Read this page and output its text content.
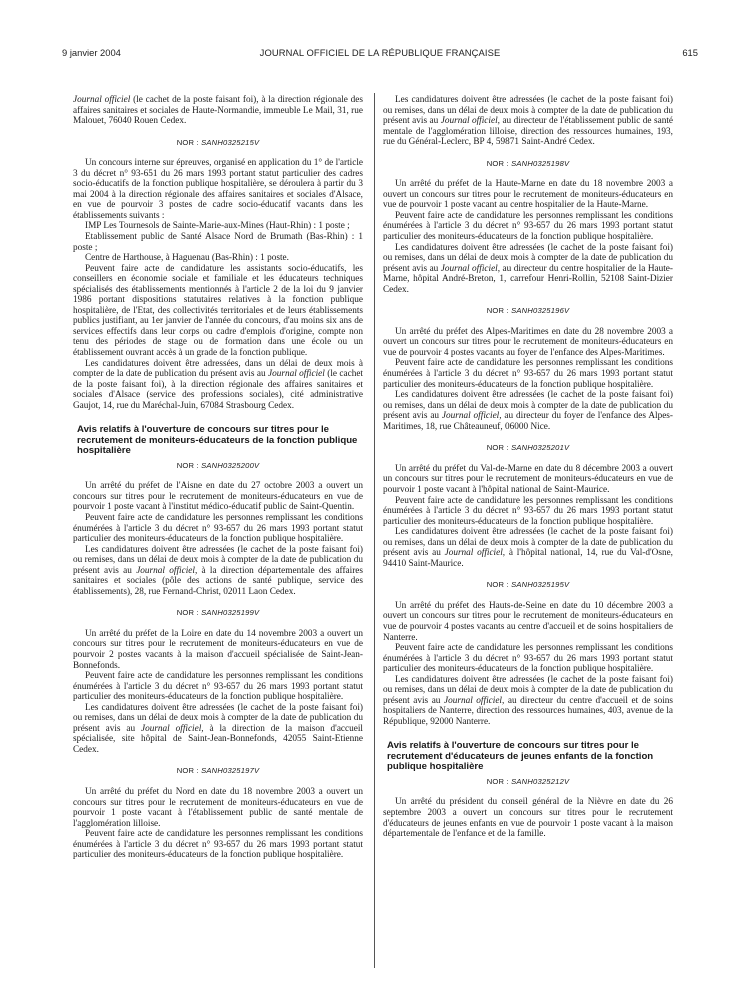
9 janvier 2004	JOURNAL OFFICIEL DE LA RÉPUBLIQUE FRANÇAISE	615

Journal officiel (le cachet de la poste faisant foi), à la direction régionale des affaires sanitaires et sociales de Haute-Normandie, immeuble Le Mail, 31, rue Malouet, 76040 Rouen Cedex.

NOR : SANH0325215V

Un concours interne sur épreuves, organisé en application du 1° de l'article 3 du décret n° 93-651 du 26 mars 1993 portant statut particulier des cadres socio-éducatifs de la fonction publique hospitalière, se déroulera à partir du 3 mai 2004 à la direction régionale des affaires sanitaires et sociales d'Alsace, en vue de pourvoir 3 postes de cadre socio-éducatif vacants dans les établissements suivants :

IMP Les Tournesols de Sainte-Marie-aux-Mines (Haut-Rhin) : 1 poste ;

Etablissement public de Santé Alsace Nord de Brumath (Bas-Rhin) : 1 poste ;

Centre de Harthouse, à Haguenau (Bas-Rhin) : 1 poste.

Peuvent faire acte de candidature les assistants socio-éducatifs, les conseillers en économie sociale et familiale et les éducateurs techniques spécialisés des établissements mentionnés à l'article 2 de la loi du 9 janvier 1986 portant dispositions statutaires relatives à la fonction publique hospitalière, de l'Etat, des collectivités territoriales et de leurs établissements publics justifiant, au 1er janvier de l'année du concours, d'au moins six ans de services effectifs dans leur corps ou cadre d'emplois d'origine, compte non tenu des périodes de stage ou de formation dans une école ou un établissement ouvrant accès à un grade de la fonction publique.

Les candidatures doivent être adressées, dans un délai de deux mois à compter de la date de publication du présent avis au Journal officiel (le cachet de la poste faisant foi), à la direction régionale des affaires sanitaires et sociales d'Alsace (service des professions sociales), cité administrative Gaujot, 14, rue du Maréchal-Juin, 67084 Strasbourg Cedex.

Avis relatifs à l'ouverture de concours sur titres pour le recrutement de moniteurs-éducateurs de la fonction publique hospitalière
NOR : SANH0325200V

Un arrêté du préfet de l'Aisne en date du 27 octobre 2003 a ouvert un concours sur titres pour le recrutement de moniteurs-éducateurs en vue de pourvoir 1 poste vacant à l'institut médico-éducatif public de Saint-Quentin.

Peuvent faire acte de candidature les personnes remplissant les conditions énumérées à l'article 3 du décret n° 93-657 du 26 mars 1993 portant statut particulier des moniteurs-éducateurs de la fonction publique hospitalière.

Les candidatures doivent être adressées (le cachet de la poste faisant foi) ou remises, dans un délai de deux mois à compter de la date de publication du présent avis au Journal officiel, à la direction départementale des affaires sanitaires et sociales (pôle des actions de santé publique, service des établissements), 28, rue Fernand-Christ, 02011 Laon Cedex.

NOR : SANH0325199V

Un arrêté du préfet de la Loire en date du 14 novembre 2003 a ouvert un concours sur titres pour le recrutement de moniteurs-éducateurs en vue de pourvoir 2 postes vacants à la maison d'accueil spécialisée de Saint-Jean-Bonnefonds.

Peuvent faire acte de candidature les personnes remplissant les conditions énumérées à l'article 3 du décret n° 93-657 du 26 mars 1993 portant statut particulier des moniteurs-éducateurs de la fonction publique hospitalière.

Les candidatures doivent être adressées (le cachet de la poste faisant foi) ou remises, dans un délai de deux mois à compter de la date de publication du présent avis au Journal officiel, à la direction de la maison d'accueil spécialisée, site hôpital de Saint-Jean-Bonnefonds, 42055 Saint-Etienne Cedex.

NOR : SANH0325197V

Un arrêté du préfet du Nord en date du 18 novembre 2003 a ouvert un concours sur titres pour le recrutement de moniteurs-éducateurs en vue de pourvoir 1 poste vacant à l'établissement public de santé mentale de l'agglomération lilloise.

Peuvent faire acte de candidature les personnes remplissant les conditions énumérées à l'article 3 du décret n° 93-657 du 26 mars 1993 portant statut particulier des moniteurs-éducateurs de la fonction publique hospitalière.

Les candidatures doivent être adressées (le cachet de la poste faisant foi) ou remises, dans un délai de deux mois à compter de la date de publication du présent avis au Journal officiel, au directeur de l'établissement public de santé mentale de l'agglomération lilloise, direction des ressources humaines, 193, rue du Général-Leclerc, BP 4, 59871 Saint-André Cedex.

NOR : SANH0325198V

Un arrêté du préfet de la Haute-Marne en date du 18 novembre 2003 a ouvert un concours sur titres pour le recrutement de moniteurs-éducateurs en vue de pourvoir 1 poste vacant au centre hospitalier de la Haute-Marne.

Peuvent faire acte de candidature les personnes remplissant les conditions énumérées à l'article 3 du décret n° 93-657 du 26 mars 1993 portant statut particulier des moniteurs-éducateurs de la fonction publique hospitalière.

Les candidatures doivent être adressées (le cachet de la poste faisant foi) ou remises, dans un délai de deux mois à compter de la date de publication du présent avis au Journal officiel, au directeur du centre hospitalier de la Haute-Marne, hôpital André-Breton, 1, carrefour Henri-Rollin, 52108 Saint-Dizier Cedex.

NOR : SANH0325196V

Un arrêté du préfet des Alpes-Maritimes en date du 28 novembre 2003 a ouvert un concours sur titres pour le recrutement de moniteurs-éducateurs en vue de pourvoir 4 postes vacants au foyer de l'enfance des Alpes-Maritimes.

Peuvent faire acte de candidature les personnes remplissant les conditions énumérées à l'article 3 du décret n° 93-657 du 26 mars 1993 portant statut particulier des moniteurs-éducateurs de la fonction publique hospitalière.

Les candidatures doivent être adressées (le cachet de la poste faisant foi) ou remises, dans un délai de deux mois à compter de la date de publication du présent avis au Journal officiel, au directeur du foyer de l'enfance des Alpes-Maritimes, 18, rue Châteauneuf, 06000 Nice.

NOR : SANH0325201V

Un arrêté du préfet du Val-de-Marne en date du 8 décembre 2003 a ouvert un concours sur titres pour le recrutement de moniteurs-éducateurs en vue de pourvoir 1 poste vacant à l'hôpital national de Saint-Maurice.

Peuvent faire acte de candidature les personnes remplissant les conditions énumérées à l'article 3 du décret n° 93-657 du 26 mars 1993 portant statut particulier des moniteurs-éducateurs de la fonction publique hospitalière.

Les candidatures doivent être adressées (le cachet de la poste faisant foi) ou remises, dans un délai de deux mois à compter de la date de publication du présent avis au Journal officiel, à l'hôpital national, 14, rue du Val-d'Osne, 94410 Saint-Maurice.

NOR : SANH0325195V

Un arrêté du préfet des Hauts-de-Seine en date du 10 décembre 2003 a ouvert un concours sur titres pour le recrutement de moniteurs-éducateurs en vue de pourvoir 4 postes vacants au centre d'accueil et de soins hospitaliers de Nanterre.

Peuvent faire acte de candidature les personnes remplissant les conditions énumérées à l'article 3 du décret n° 93-657 du 26 mars 1993 portant statut particulier des moniteurs-éducateurs de la fonction publique hospitalière.

Les candidatures doivent être adressées (le cachet de la poste faisant foi) ou remises, dans un délai de deux mois à compter de la date de publication du présent avis au Journal officiel, au directeur du centre d'accueil et de soins hospitaliers de Nanterre, direction des ressources humaines, 403, avenue de la République, 92000 Nanterre.

Avis relatifs à l'ouverture de concours sur titres pour le recrutement d'éducateurs de jeunes enfants de la fonction publique hospitalière
NOR : SANH0325212V

Un arrêté du président du conseil général de la Nièvre en date du 26 septembre 2003 a ouvert un concours sur titres pour le recrutement d'éducateurs de jeunes enfants en vue de pourvoir 1 poste vacant à la maison départementale de l'enfance et de la famille.
